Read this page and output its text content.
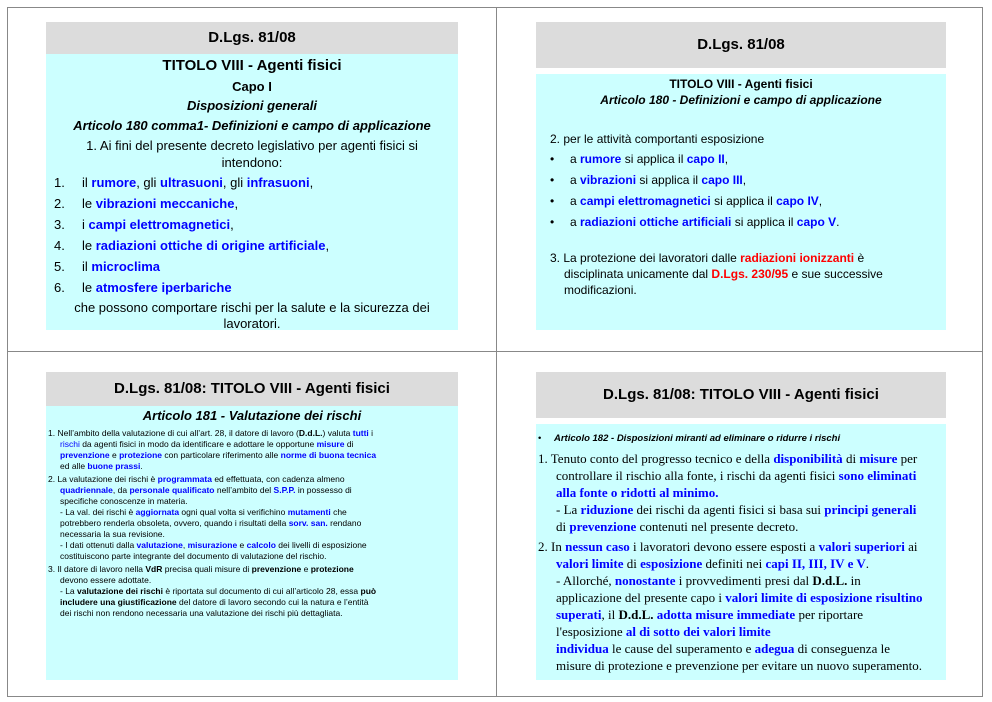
D.Lgs. 81/08
TITOLO VIII - Agenti fisici
Capo I
Disposizioni generali
Articolo 180 comma1- Definizioni e campo di applicazione
1. Ai fini del presente decreto legislativo per agenti fisici si
intendono:
1. il rumore, gli ultrasuoni, gli infrasuoni,
2. le vibrazioni meccaniche,
3. i campi elettromagnetici,
4. le radiazioni ottiche di origine artificiale,
5. il microclima
6. le atmosfere iperbariche
che possono comportare rischi per la salute e la sicurezza dei
lavoratori.
D.Lgs. 81/08
TITOLO VIII - Agenti fisici
Articolo 180 - Definizioni e campo di applicazione
2. per le attività comportanti esposizione
• a rumore si applica il capo II,
• a vibrazioni si applica il capo III,
• a campi elettromagnetici si applica il capo IV,
• a radiazioni ottiche artificiali si applica il capo V.
3. La protezione dei lavoratori dalle radiazioni ionizzanti è
disciplinata unicamente dal D.Lgs. 230/95 e sue successive
modificazioni.
D.Lgs. 81/08: TITOLO VIII - Agenti fisici
Articolo 181 - Valutazione dei rischi
1. Nell’ambito della valutazione di cui all’art. 28, il datore di lavoro (D.d.L.) valuta tutti i
rischi da agenti fisici in modo da identificare e adottare le opportune misure di
prevenzione e protezione con particolare riferimento alle norme di buona tecnica
ed alle buone prassi.
2. La valutazione dei rischi è programmata ed effettuata, con cadenza almeno
quadriennale, da personale qualificato nell’ambito del S.P.P. in possesso di
specifiche conoscenze in materia.
- La val. dei rischi è aggiornata ogni qual volta si verifichino mutamenti che
potrebbero renderla obsoleta, ovvero, quando i risultati della sorv. san. rendano
necessaria la sua revisione.
- I dati ottenuti dalla valutazione, misurazione e calcolo dei livelli di esposizione
costituiscono parte integrante del documento di valutazione del rischio.
3. Il datore di lavoro nella VdR precisa quali misure di prevenzione e protezione
devono essere adottate.
- La valutazione dei rischi è riportata sul documento di cui all’articolo 28, essa può
includere una giustificazione del datore di lavoro secondo cui la natura e l’entità
dei rischi non rendono necessaria una valutazione dei rischi più dettagliata.
D.Lgs. 81/08: TITOLO VIII - Agenti fisici
• Articolo 182 - Disposizioni miranti ad eliminare o ridurre i rischi
1. Tenuto conto del progresso tecnico e della disponibilità di misure per
controllare il rischio alla fonte, i rischi da agenti fisici sono eliminati
alla fonte o ridotti al minimo.
- La riduzione dei rischi da agenti fisici si basa sui principi generali
di prevenzione contenuti nel presente decreto.
2. In nessun caso i lavoratori devono essere esposti a valori superiori ai
valori limite di esposizione definiti nei capi II, III, IV e V.
- Allorché, nonostante i provvedimenti presi dal D.d.L. in
applicazione del presente capo i valori limite di esposizione risultino
superati, il D.d.L. adotta misure immediate per riportare
l'esposizione al di sotto dei valori limite
individua le cause del superamento e adegua di conseguenza le
misure di protezione e prevenzione per evitare un nuovo superamento.
